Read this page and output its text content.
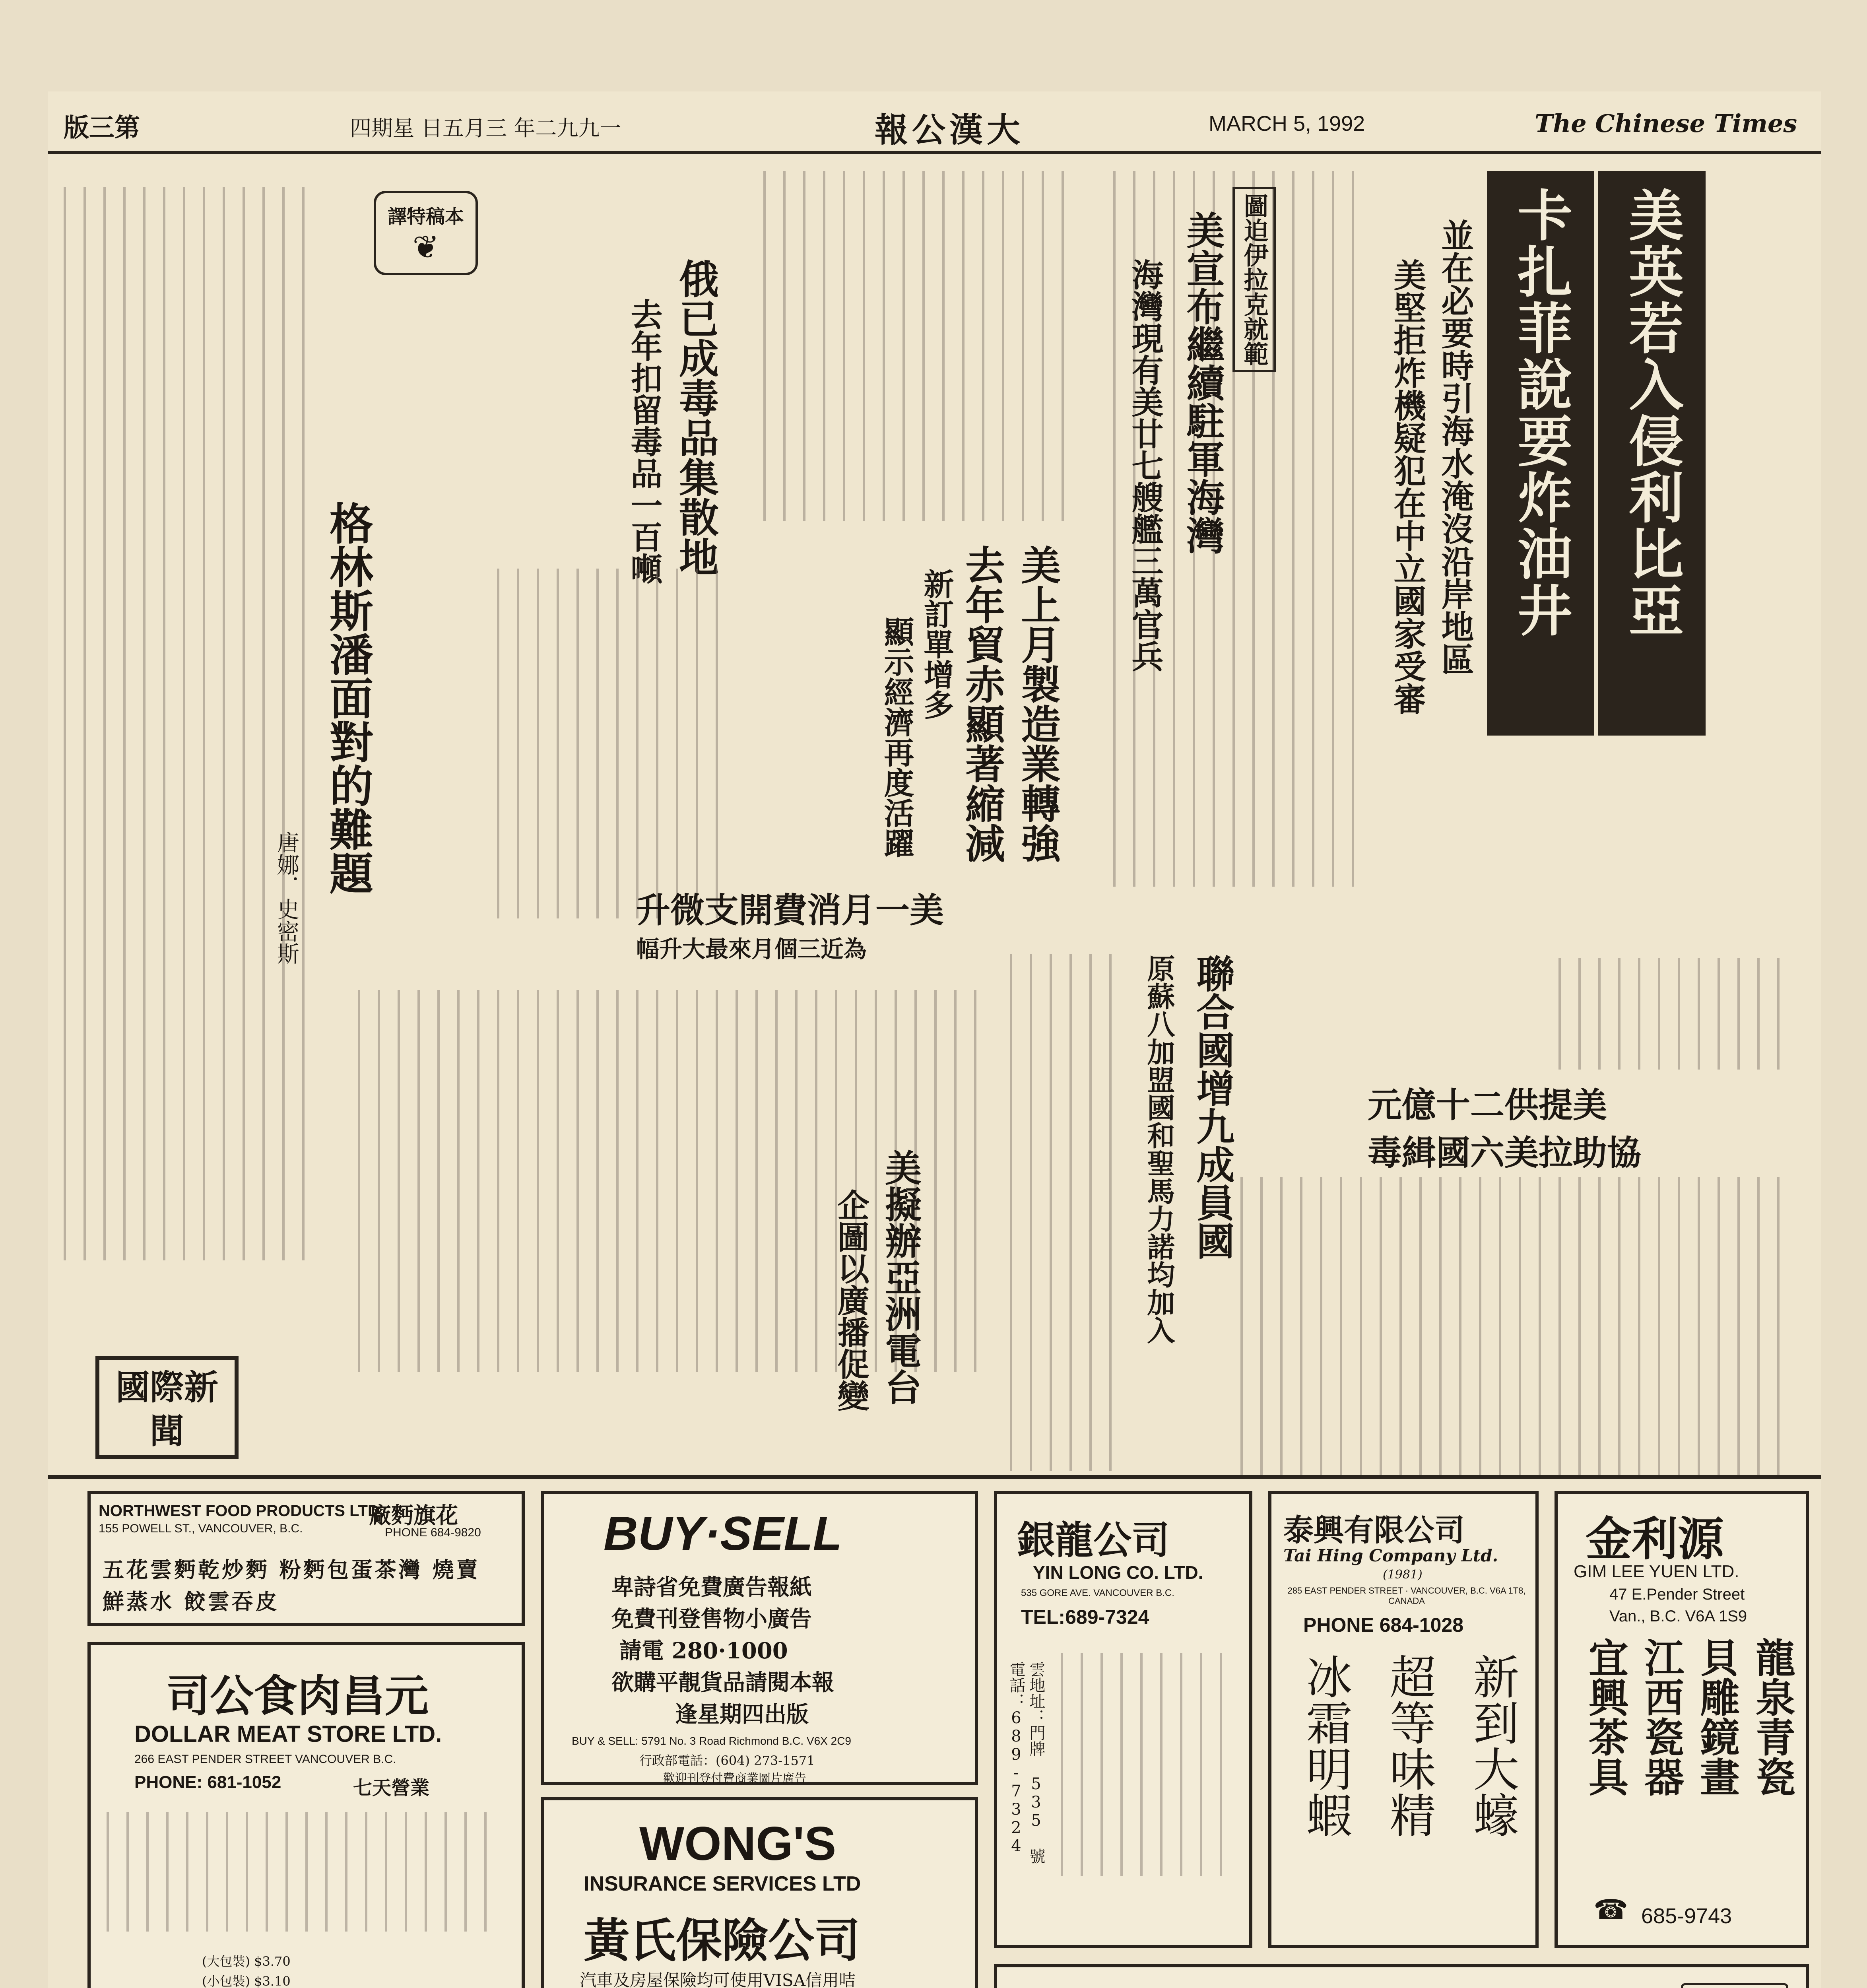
版三第	四期星 日五月三 年二九九一	報公漢大	MARCH 5, 1992	The Chinese Times
美英若入侵利比亞
卡扎菲說要炸油井
並在必要時引海水淹沒沿岸地區
美堅拒炸機疑犯在中立國家受審
圖迫伊拉克就範
美宣布繼續駐軍海灣
海灣現有美廿七艘艦三萬官兵
美上月製造業轉強
去年貿赤顯著縮減
新訂單增多
顯示經濟再度活躍
俄已成毒品集散地
去年扣留毒品一百噸
譯特稿本
❦
格林斯潘面對的難題
唐娜．史密斯	美一月消費開支微升
為近三個月來最大升幅
聯合國增九成員國
原蘇八加盟國和聖馬力諾均加入	美提供二十億元
協助拉美六國緝毒
美擬辦亞洲電台
企圖以廣播促變
國際新聞
廠麪旗花
NORTHWEST FOOD PRODUCTS LTD.
155 POWELL ST., VANCOUVER, B.C.	PHONE 684-9820
五花雲麪乾炒麪 粉麪包蛋茶灣 燒賣 鮮蒸水 餃雲吞皮
司公食肉昌元
DOLLAR MEAT STORE LTD.
266 EAST PENDER STREET VANCOUVER B.C.
PHONE: 681-1052	七天營業
(大包裝) $3.70
(小包裝) $3.10
BUY·SELL
卑詩省免費廣告報紙
免費刊登售物小廣告
請電 280·1000
欲購平靚貨品請閱本報
逢星期四出版
BUY & SELL: 5791 No. 3 Road Richmond B.C. V6X 2C9
行政部電話：(604) 273-1571
歡迎刊登付費商業圖片廣告
WONG'S
INSURANCE SERVICES LTD
黃氏保險公司
汽車及房屋保險均可使用VISA信用咭
銀龍公司
YIN LONG CO. LTD.
535 GORE AVE. VANCOUVER B.C.
TEL:689-7324
雲地址：門牌 535 號
電話：689-7324
泰興有限公司
Tai Hing Company Ltd.
(1981)
285 EAST PENDER STREET · VANCOUVER, B.C. V6A 1T8, CANADA
PHONE 684-1028
新到大蠔
超等味精
冰霜明蝦
金利源
GIM LEE YUEN LTD.
47 E.Pender Street
Van., B.C. V6A 1S9
龍泉青瓷
貝雕鏡畫
江西瓷器
宜興茶具
☎ 685-9743
